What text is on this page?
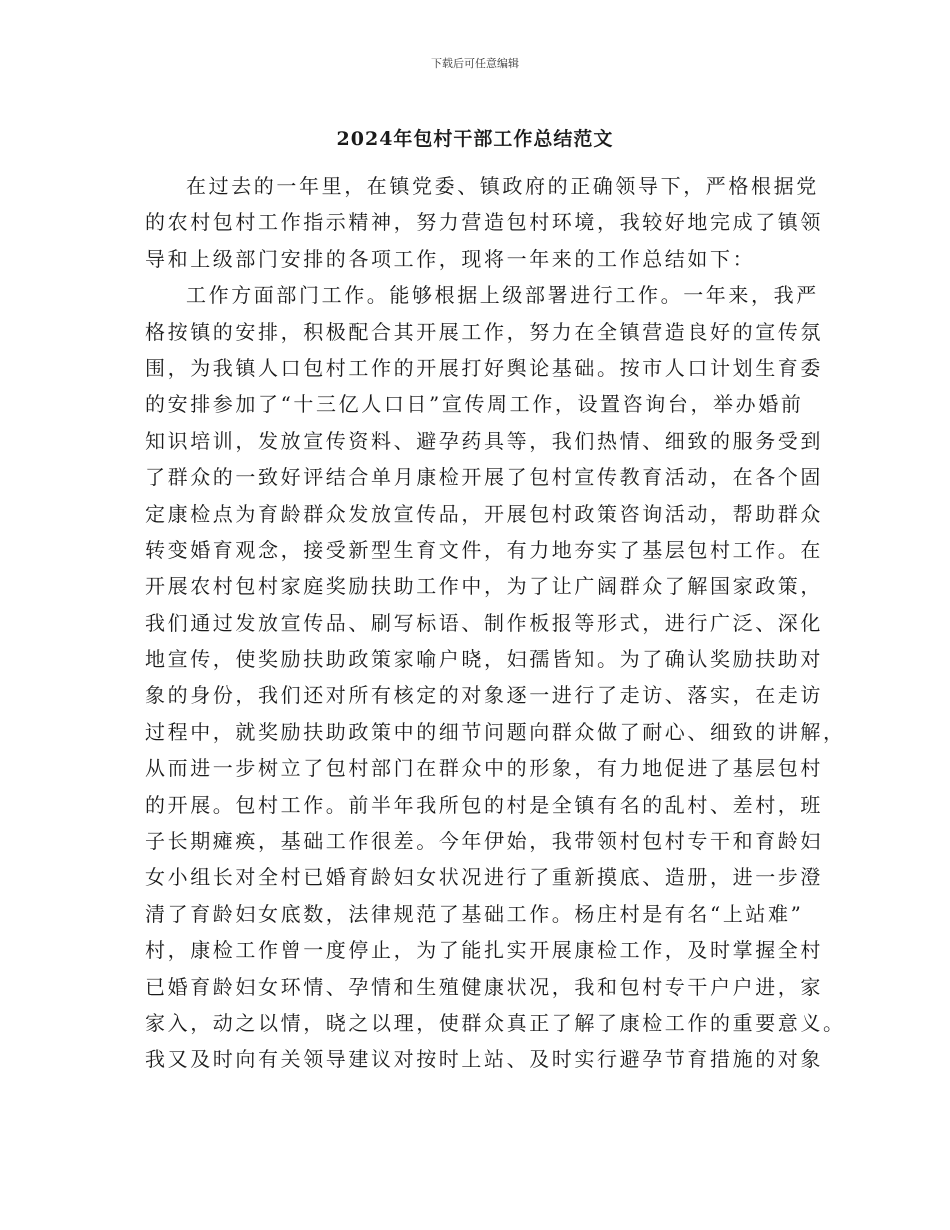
下载后可任意编辑
2024年包村干部工作总结范文
在过去的一年里，在镇党委、镇政府的正确领导下，严格根据党
的农村包村工作指示精神，努力营造包村环境，我较好地完成了镇领
导和上级部门安排的各项工作，现将一年来的工作总结如下：
工作方面部门工作。能够根据上级部署进行工作。一年来，我严
格按镇的安排，积极配合其开展工作，努力在全镇营造良好的宣传氛
围，为我镇人口包村工作的开展打好舆论基础。按市人口计划生育委
的安排参加了“十三亿人口日”宣传周工作，设置咨询台，举办婚前
知识培训，发放宣传资料、避孕药具等，我们热情、细致的服务受到
了群众的一致好评结合单月康检开展了包村宣传教育活动，在各个固
定康检点为育龄群众发放宣传品，开展包村政策咨询活动，帮助群众
转变婚育观念，接受新型生育文件，有力地夯实了基层包村工作。在
开展农村包村家庭奖励扶助工作中，为了让广阔群众了解国家政策，
我们通过发放宣传品、刷写标语、制作板报等形式，进行广泛、深化
地宣传，使奖励扶助政策家喻户晓，妇孺皆知。为了确认奖励扶助对
象的身份，我们还对所有核定的对象逐一进行了走访、落实，在走访
过程中，就奖励扶助政策中的细节问题向群众做了耐心、细致的讲解，
从而进一步树立了包村部门在群众中的形象，有力地促进了基层包村
的开展。包村工作。前半年我所包的村是全镇有名的乱村、差村，班
子长期瘫痪，基础工作很差。今年伊始，我带领村包村专干和育龄妇
女小组长对全村已婚育龄妇女状况进行了重新摸底、造册，进一步澄
清了育龄妇女底数，法律规范了基础工作。杨庄村是有名“上站难”
村，康检工作曾一度停止，为了能扎实开展康检工作，及时掌握全村
已婚育龄妇女环情、孕情和生殖健康状况，我和包村专干户户进，家
家入，动之以情，晓之以理，使群众真正了解了康检工作的重要意义。
我又及时向有关领导建议对按时上站、及时实行避孕节育措施的对象
